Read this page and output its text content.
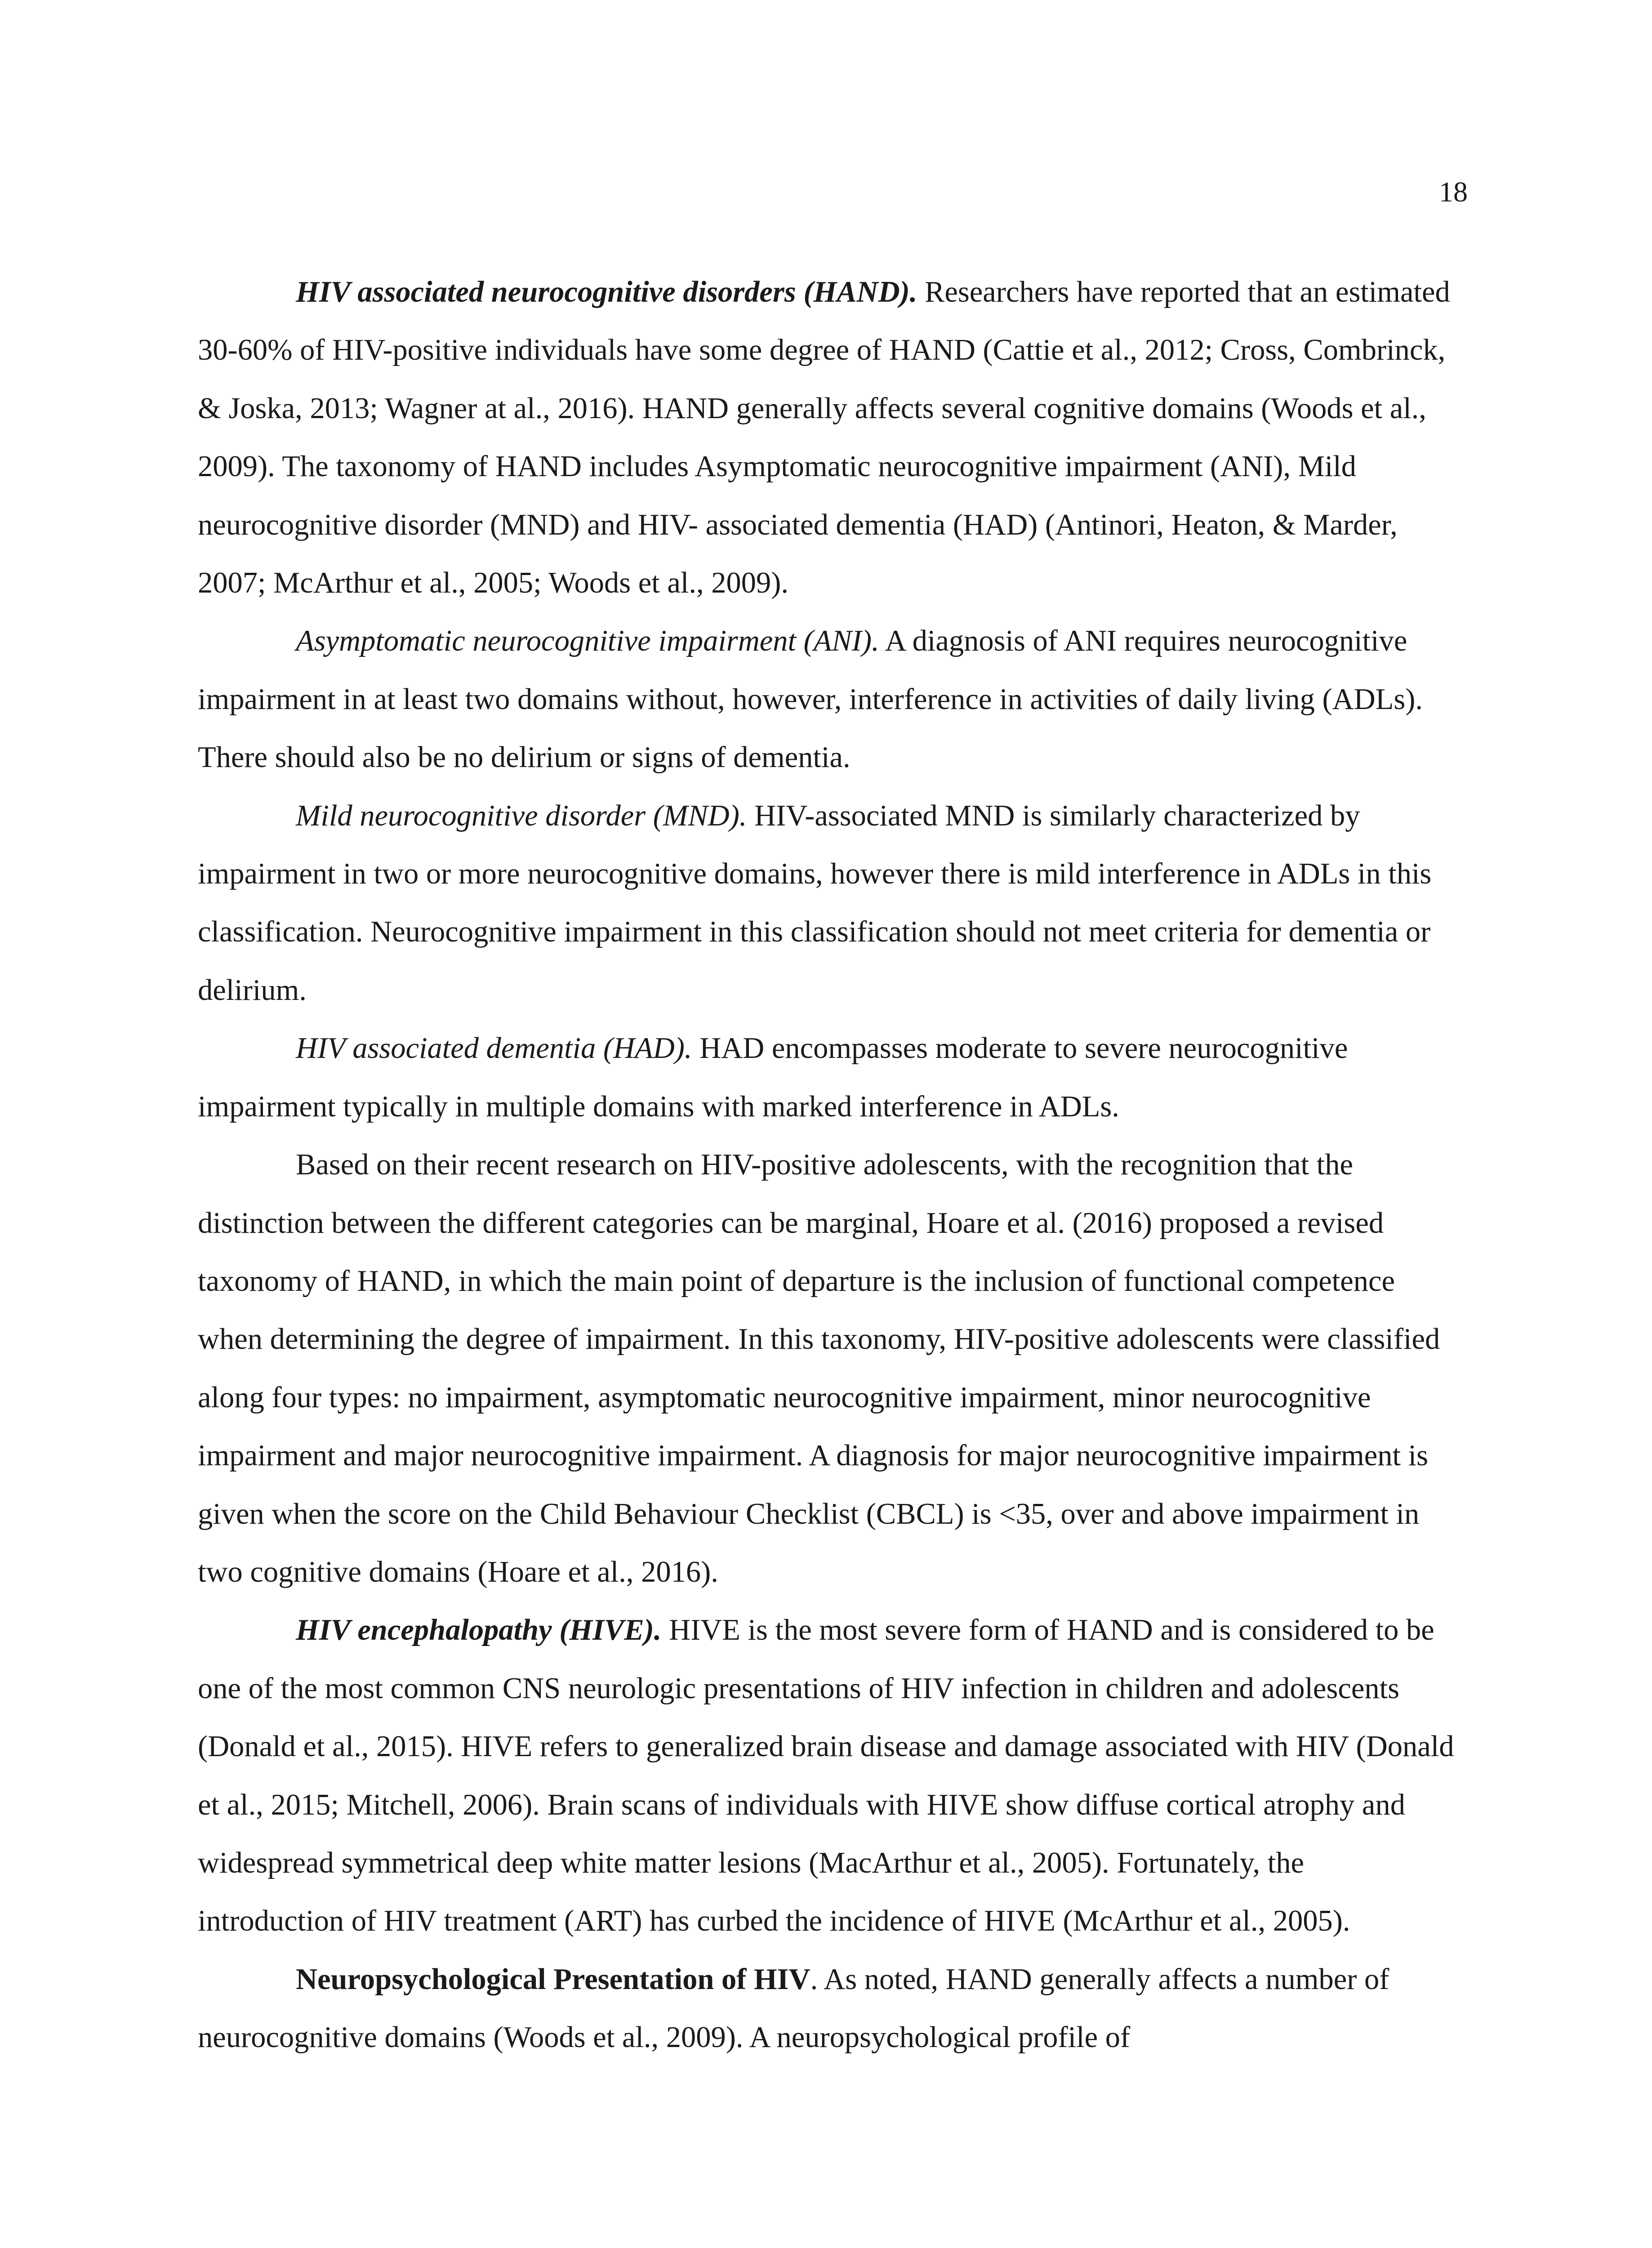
18

HIV associated neurocognitive disorders (HAND). Researchers have reported that an estimated 30-60% of HIV-positive individuals have some degree of HAND (Cattie et al., 2012; Cross, Combrinck, & Joska, 2013; Wagner at al., 2016). HAND generally affects several cognitive domains (Woods et al., 2009). The taxonomy of HAND includes Asymptomatic neurocognitive impairment (ANI), Mild neurocognitive disorder (MND) and HIV- associated dementia (HAD) (Antinori, Heaton, & Marder, 2007; McArthur et al., 2005; Woods et al., 2009).

Asymptomatic neurocognitive impairment (ANI). A diagnosis of ANI requires neurocognitive impairment in at least two domains without, however, interference in activities of daily living (ADLs). There should also be no delirium or signs of dementia.

Mild neurocognitive disorder (MND). HIV-associated MND is similarly characterized by impairment in two or more neurocognitive domains, however there is mild interference in ADLs in this classification. Neurocognitive impairment in this classification should not meet criteria for dementia or delirium.

HIV associated dementia (HAD). HAD encompasses moderate to severe neurocognitive impairment typically in multiple domains with marked interference in ADLs.

Based on their recent research on HIV-positive adolescents, with the recognition that the distinction between the different categories can be marginal, Hoare et al. (2016) proposed a revised taxonomy of HAND, in which the main point of departure is the inclusion of functional competence when determining the degree of impairment. In this taxonomy, HIV-positive adolescents were classified along four types: no impairment, asymptomatic neurocognitive impairment, minor neurocognitive impairment and major neurocognitive impairment. A diagnosis for major neurocognitive impairment is given when the score on the Child Behaviour Checklist (CBCL) is <35, over and above impairment in two cognitive domains (Hoare et al., 2016).

HIV encephalopathy (HIVE). HIVE is the most severe form of HAND and is considered to be one of the most common CNS neurologic presentations of HIV infection in children and adolescents (Donald et al., 2015). HIVE refers to generalized brain disease and damage associated with HIV (Donald et al., 2015; Mitchell, 2006). Brain scans of individuals with HIVE show diffuse cortical atrophy and widespread symmetrical deep white matter lesions (MacArthur et al., 2005). Fortunately, the introduction of HIV treatment (ART) has curbed the incidence of HIVE (McArthur et al., 2005).

Neuropsychological Presentation of HIV. As noted, HAND generally affects a number of neurocognitive domains (Woods et al., 2009). A neuropsychological profile of
